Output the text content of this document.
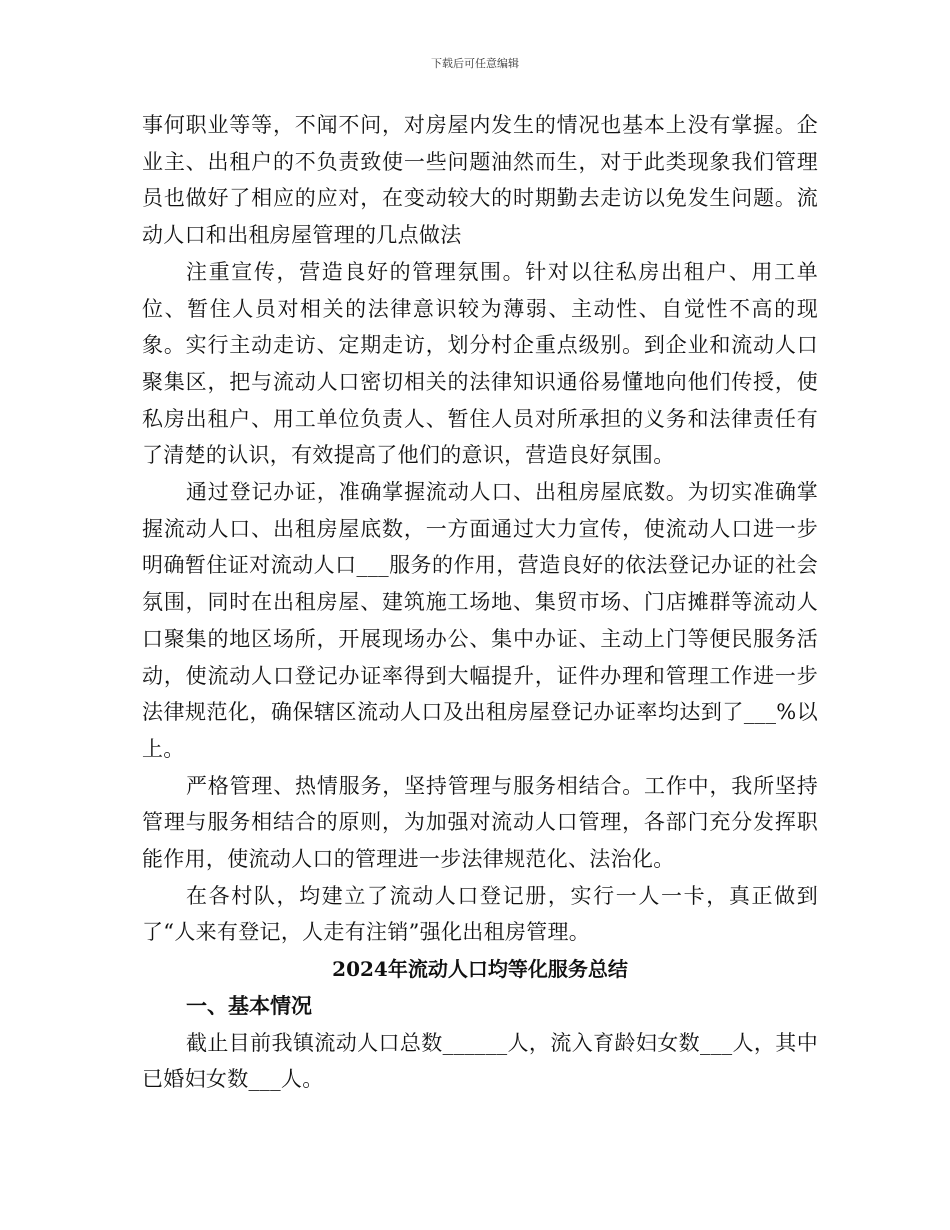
下载后可任意编辑

事何职业等等，不闻不问，对房屋内发生的情况也基本上没有掌握。企业主、出租户的不负责致使一些问题油然而生，对于此类现象我们管理员也做好了相应的应对，在变动较大的时期勤去走访以免发生问题。流动人口和出租房屋管理的几点做法

注重宣传，营造良好的管理氛围。针对以往私房出租户、用工单位、暂住人员对相关的法律意识较为薄弱、主动性、自觉性不高的现象。实行主动走访、定期走访，划分村企重点级别。到企业和流动人口聚集区，把与流动人口密切相关的法律知识通俗易懂地向他们传授，使私房出租户、用工单位负责人、暂住人员对所承担的义务和法律责任有了清楚的认识，有效提高了他们的意识，营造良好氛围。

通过登记办证，准确掌握流动人口、出租房屋底数。为切实准确掌握流动人口、出租房屋底数，一方面通过大力宣传，使流动人口进一步明确暂住证对流动人口___服务的作用，营造良好的依法登记办证的社会氛围，同时在出租房屋、建筑施工场地、集贸市场、门店摊群等流动人口聚集的地区场所，开展现场办公、集中办证、主动上门等便民服务活动，使流动人口登记办证率得到大幅提升，证件办理和管理工作进一步法律规范化，确保辖区流动人口及出租房屋登记办证率均达到了___%以上。

严格管理、热情服务，坚持管理与服务相结合。工作中，我所坚持管理与服务相结合的原则，为加强对流动人口管理，各部门充分发挥职能作用，使流动人口的管理进一步法律规范化、法治化。

在各村队，均建立了流动人口登记册，实行一人一卡，真正做到了“人来有登记，人走有注销”强化出租房管理。

2024年流动人口均等化服务总结

一、基本情况

截止目前我镇流动人口总数______人，流入育龄妇女数___人，其中已婚妇女数___人。
